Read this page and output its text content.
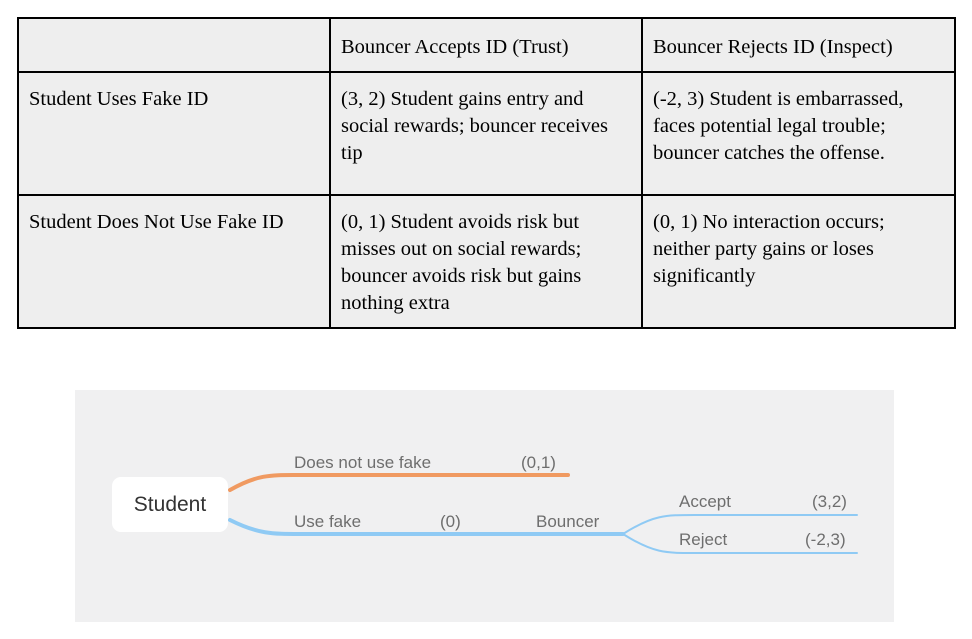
	Bouncer Accepts ID (Trust)	Bouncer Rejects ID (Inspect)
Student Uses Fake ID	(3, 2) Student gains entry and social rewards; bouncer receives tip	(-2, 3) Student is embarrassed, faces potential legal trouble; bouncer catches the offense.
Student Does Not Use Fake ID	(0, 1) Student avoids risk but misses out on social rewards; bouncer avoids risk but gains nothing extra	(0, 1) No interaction occurs; neither party gains or loses significantly
Student
Does not use fake	(0,1)
Use fake	(0)	Bouncer
Accept	(3,2)
Reject	(-2,3)
